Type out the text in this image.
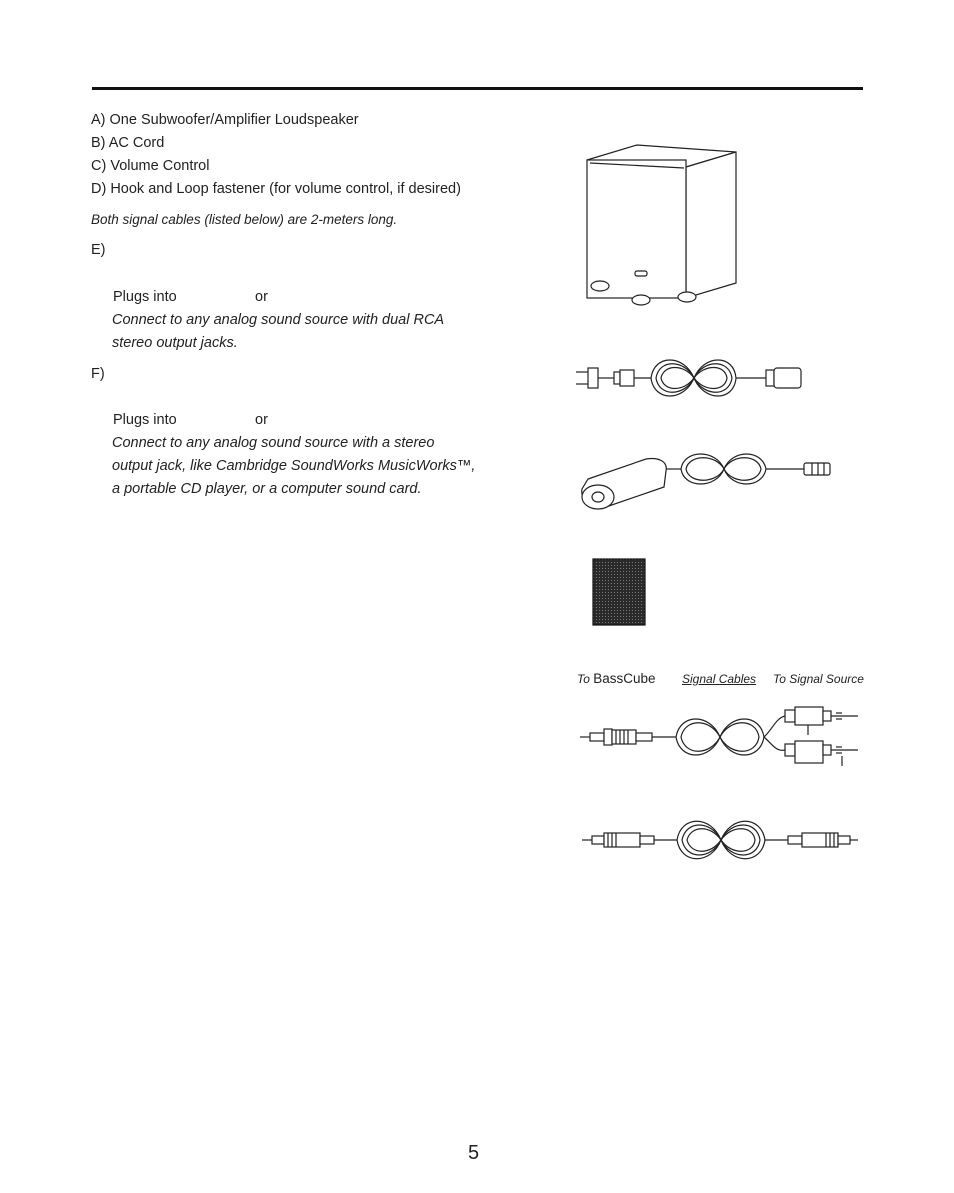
A) One Subwoofer/Amplifier Loudspeaker
B) AC Cord
C) Volume Control
D) Hook and Loop fastener (for volume control, if desired)
Both signal cables (listed below) are 2-meters long.
E)
Plugs into	or
Connect to any analog sound source with dual RCA
stereo output jacks.
F)
Plugs into	or
Connect to any analog sound source with a stereo
output jack, like Cambridge SoundWorks MusicWorks™,
a portable CD player, or a computer sound card.
To BassCube Signal Cables To Signal Source
5
